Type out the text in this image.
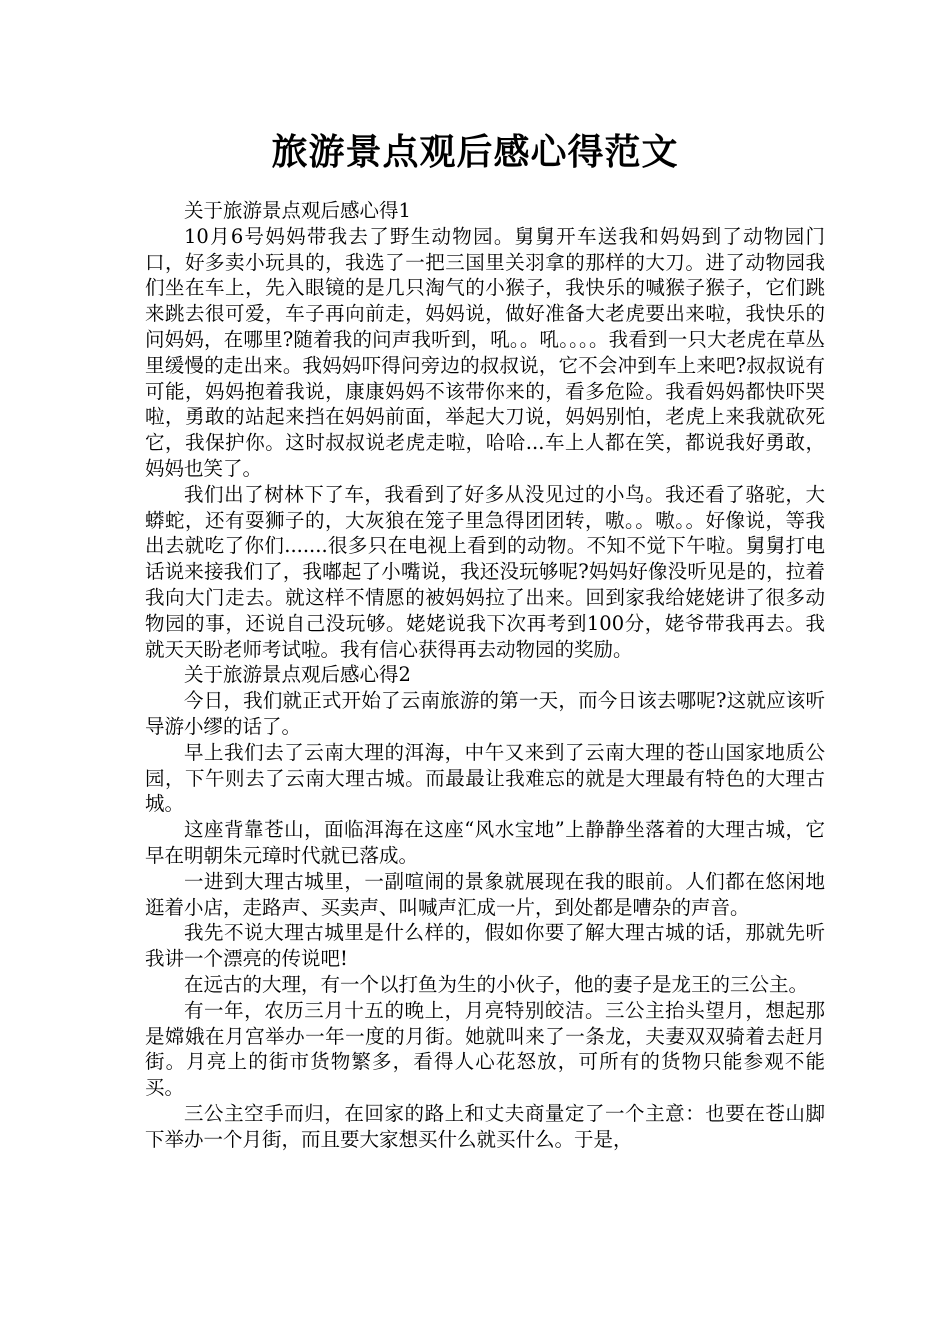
旅游景点观后感心得范文

关于旅游景点观后感心得1

10月6号妈妈带我去了野生动物园。舅舅开车送我和妈妈到了动物园门口，好多卖小玩具的，我选了一把三国里关羽拿的那样的大刀。进了动物园我们坐在车上，先入眼镜的是几只淘气的小猴子，我快乐的喊猴子猴子，它们跳来跳去很可爱，车子再向前走，妈妈说，做好准备大老虎要出来啦，我快乐的问妈妈，在哪里?随着我的问声我听到，吼。。吼。。。。我看到一只大老虎在草丛里缓慢的走出来。我妈妈吓得问旁边的叔叔说，它不会冲到车上来吧?叔叔说有可能，妈妈抱着我说，康康妈妈不该带你来的，看多危险。我看妈妈都快吓哭啦，勇敢的站起来挡在妈妈前面，举起大刀说，妈妈别怕，老虎上来我就砍死它，我保护你。这时叔叔说老虎走啦，哈哈...车上人都在笑，都说我好勇敢，妈妈也笑了。

我们出了树林下了车，我看到了好多从没见过的小鸟。我还看了骆驼，大蟒蛇，还有耍狮子的，大灰狼在笼子里急得团团转，嗷。。嗷。。好像说，等我出去就吃了你们.......很多只在电视上看到的动物。不知不觉下午啦。舅舅打电话说来接我们了，我嘟起了小嘴说，我还没玩够呢?妈妈好像没听见是的，拉着我向大门走去。就这样不情愿的被妈妈拉了出来。回到家我给姥姥讲了很多动物园的事，还说自己没玩够。姥姥说我下次再考到100分，姥爷带我再去。我就天天盼老师考试啦。我有信心获得再去动物园的奖励。

关于旅游景点观后感心得2

今日，我们就正式开始了云南旅游的第一天，而今日该去哪呢?这就应该听导游小缪的话了。

早上我们去了云南大理的洱海，中午又来到了云南大理的苍山国家地质公园，下午则去了云南大理古城。而最最让我难忘的就是大理最有特色的大理古城。

这座背靠苍山，面临洱海在这座“风水宝地”上静静坐落着的大理古城，它早在明朝朱元璋时代就已落成。

一进到大理古城里，一副喧闹的景象就展现在我的眼前。人们都在悠闲地逛着小店，走路声、买卖声、叫喊声汇成一片，到处都是嘈杂的声音。

我先不说大理古城里是什么样的，假如你要了解大理古城的话，那就先听我讲一个漂亮的传说吧!

在远古的大理，有一个以打鱼为生的小伙子，他的妻子是龙王的三公主。

有一年，农历三月十五的晚上，月亮特别皎洁。三公主抬头望月，想起那是嫦娥在月宫举办一年一度的月街。她就叫来了一条龙，夫妻双双骑着去赶月街。月亮上的街市货物繁多，看得人心花怒放，可所有的货物只能参观不能买。

三公主空手而归，在回家的路上和丈夫商量定了一个主意：也要在苍山脚下举办一个月街，而且要大家想买什么就买什么。于是，
